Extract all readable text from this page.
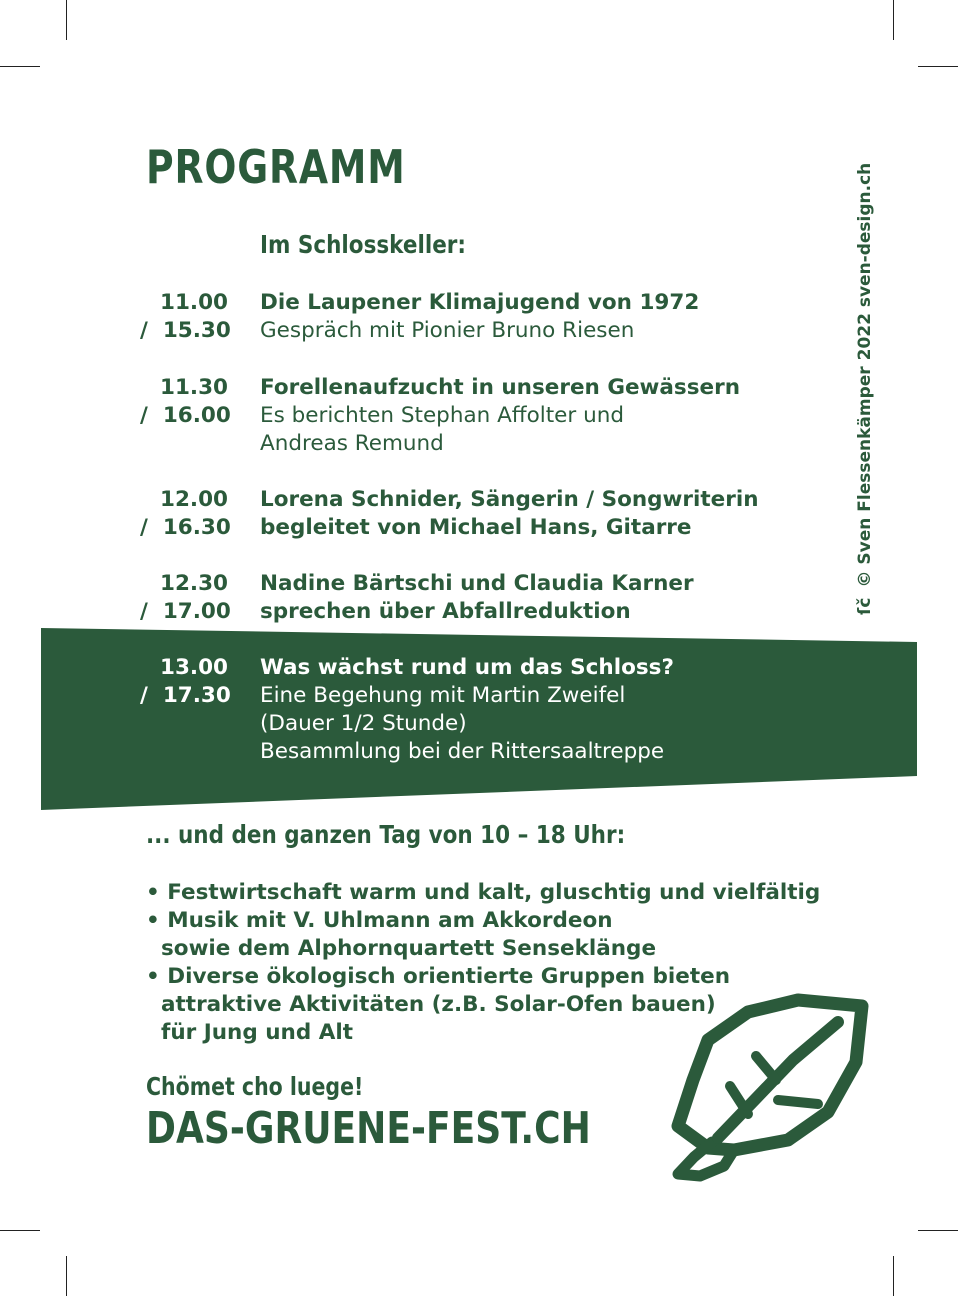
PROGRAMM
Im Schlosskeller:
11.00
/  15.30
Die Laupener Klimajugend von 1972
Gespräch mit Pionier Bruno Riesen
11.30
/  16.00
Forellenaufzucht in unseren Gewässern
Es berichten Stephan Affolter und
Andreas Remund
12.00
/  16.30
Lorena Schnider, Sängerin / Songwriterin
begleitet von Michael Hans, Gitarre
12.30
/  17.00
Nadine Bärtschi und Claudia Karner
sprechen über Abfallreduktion
13.00
/  17.30
Was wächst rund um das Schloss?
Eine Begehung mit Martin Zweifel
(Dauer 1/2 Stunde)
Besammlung bei der Rittersaaltreppe
... und den ganzen Tag von 10 – 18 Uhr:
• Festwirtschaft warm und kalt, gluschtig und vielfältig
• Musik mit V. Uhlmann am Akkordeon
sowie dem Alphornquartett Senseklänge
• Diverse ökologisch orientierte Gruppen bieten
attraktive Aktivitäten (z.B. Solar-Ofen bauen)
für Jung und Alt
Chömet cho luege!
DAS-GRUENE-FEST.CH
ſč© Sven Flessenkämper 2022 sven-design.ch
